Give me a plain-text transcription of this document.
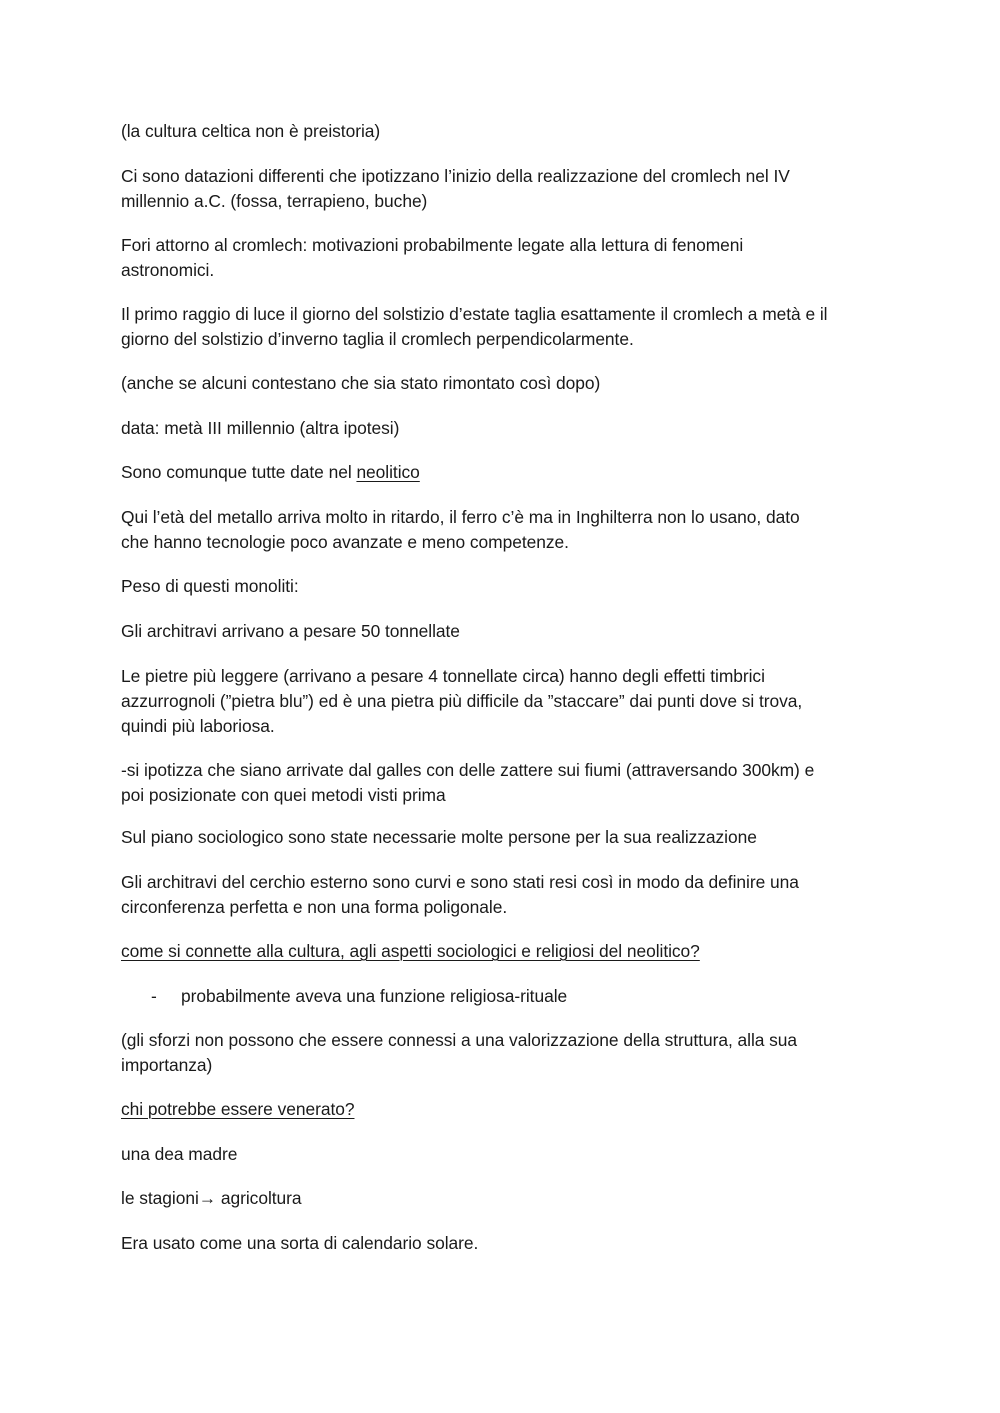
(la cultura celtica non è preistoria)
Ci sono datazioni differenti che ipotizzano l’inizio della realizzazione del cromlech nel IV
millennio a.C. (fossa, terrapieno, buche)
Fori attorno al cromlech: motivazioni probabilmente legate alla lettura di fenomeni
astronomici.
Il primo raggio di luce il giorno del solstizio d’estate taglia esattamente il cromlech a metà e il
giorno del solstizio d’inverno taglia il cromlech perpendicolarmente.
(anche se alcuni contestano che sia stato rimontato così dopo)
data: metà III millennio (altra ipotesi)
Sono comunque tutte date nel neolitico
Qui l’età del metallo arriva molto in ritardo, il ferro c’è ma in Inghilterra non lo usano, dato
che hanno tecnologie poco avanzate e meno competenze.
Peso di questi monoliti:
Gli architravi arrivano a pesare 50 tonnellate
Le pietre più leggere (arrivano a pesare 4 tonnellate circa) hanno degli effetti timbrici
azzurrognoli (”pietra blu”) ed è una pietra più difficile da ”staccare” dai punti dove si trova,
quindi più laboriosa.
-si ipotizza che siano arrivate dal galles con delle zattere sui fiumi (attraversando 300km) e
poi posizionate con quei metodi visti prima
Sul piano sociologico sono state necessarie molte persone per la sua realizzazione
Gli architravi del cerchio esterno sono curvi e sono stati resi così in modo da definire una
circonferenza perfetta e non una forma poligonale.
come si connette alla cultura, agli aspetti sociologici e religiosi del neolitico?
- probabilmente aveva una funzione religiosa-rituale
(gli sforzi non possono che essere connessi a una valorizzazione della struttura, alla sua
importanza)
chi potrebbe essere venerato?
una dea madre
le stagioni→ agricoltura
Era usato come una sorta di calendario solare.
